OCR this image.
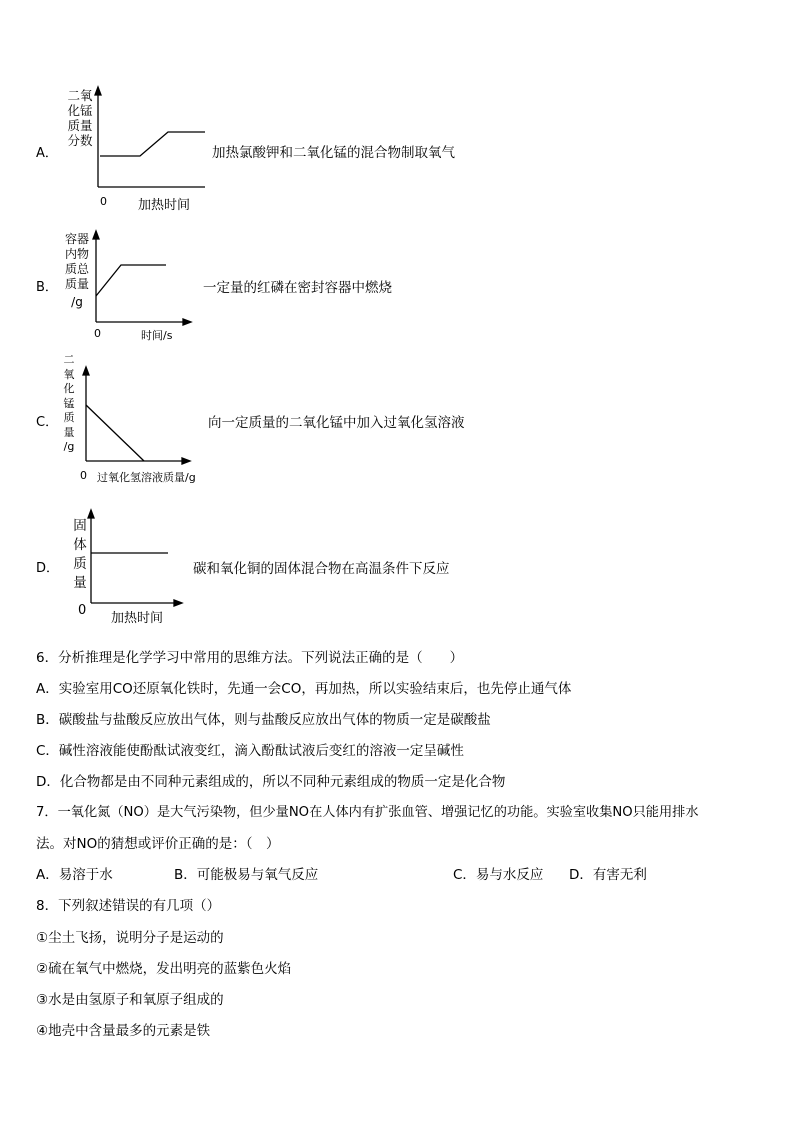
A．
二氧
化锰
质量
分数
0 加热时间
加热氯酸钾和二氧化锰的混合物制取氧气
B．
容器
内物
质总
质量
/g
0	时间/s
一定量的红磷在密封容器中燃烧
C．
二
氧
化
锰
质
量
/g
0 过氧化氢溶液质量/g
向一定质量的二氧化锰中加入过氧化氢溶液
D．
固
体
质
量
0
加热时间
碳和氧化铜的固体混合物在高温条件下反应
6．分析推理是化学学习中常用的思维方法。下列说法正确的是（　　）
A．实验室用CO还原氧化铁时，先通一会CO，再加热，所以实验结束后，也先停止通气体
B．碳酸盐与盐酸反应放出气体，则与盐酸反应放出气体的物质一定是碳酸盐
C．碱性溶液能使酚酞试液变红，滴入酚酞试液后变红的溶液一定呈碱性
D．化合物都是由不同种元素组成的，所以不同种元素组成的物质一定是化合物
7．一氧化氮（NO）是大气污染物，但少量NO在人体内有扩张血管、增强记忆的功能。实验室收集NO只能用排水
法。对NO的猜想或评价正确的是：（　）
A．易溶于水	B．可能极易与氧气反应	C．易与水反应 D．有害无利
8．下列叙述错误的有几项（）
①尘土飞扬，说明分子是运动的
②硫在氧气中燃烧，发出明亮的蓝紫色火焰
③水是由氢原子和氧原子组成的
④地壳中含量最多的元素是铁
